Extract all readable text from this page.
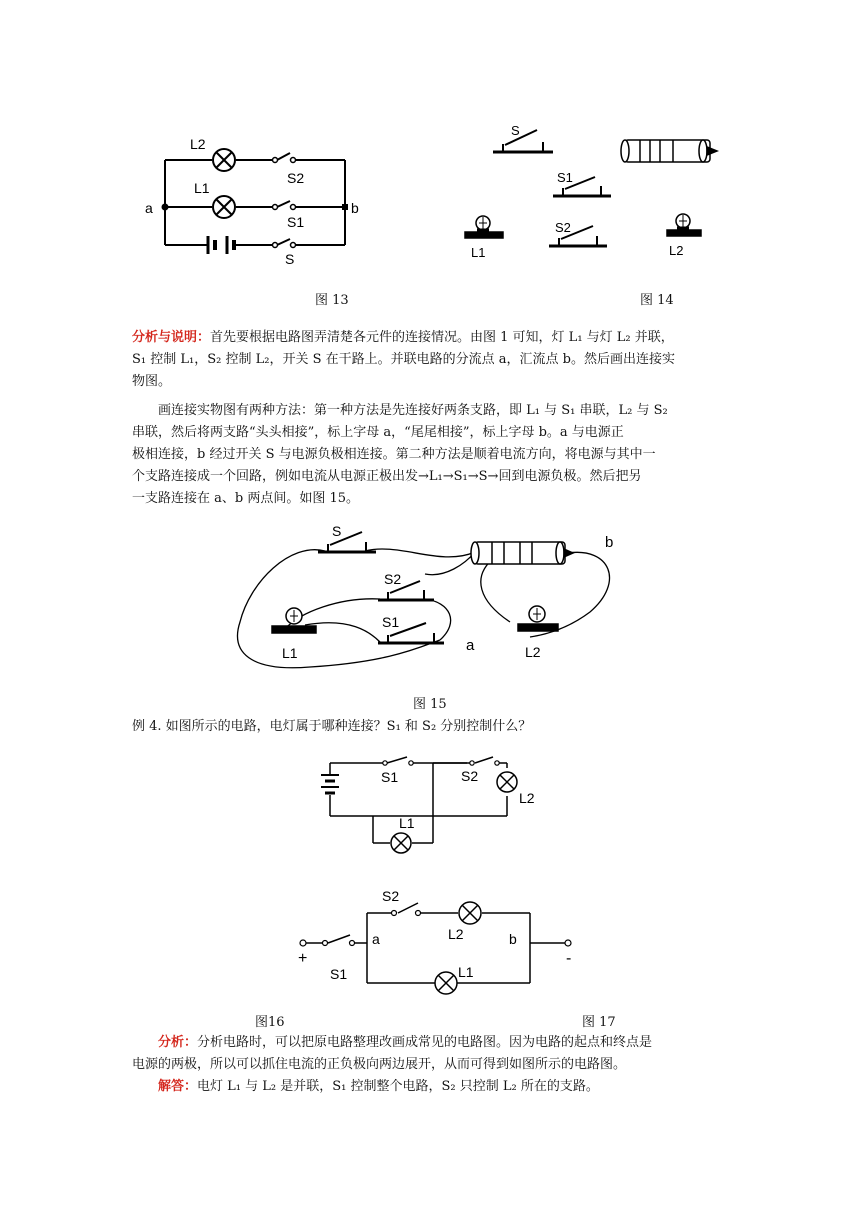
L2
L1
S2
S1
S
a	b
S
S1
S2
L1	L2
图 13	图 14

分析与说明：首先要根据电路图弄清楚各元件的连接情况。由图 1 可知，灯 L₁ 与灯 L₂ 并联，

S₁ 控制 L₁，S₂ 控制 L₂，开关 S 在干路上。并联电路的分流点 a，汇流点 b。然后画出连接实

物图。

画连接实物图有两种方法：第一种方法是先连接好两条支路，即 L₁ 与 S₁ 串联，L₂ 与 S₂

串联，然后将两支路“头头相接”，标上字母 a，“尾尾相接”，标上字母 b。a 与电源正

极相连接，b 经过开关 S 与电源负极相连接。第二种方法是顺着电流方向，将电源与其中一

个支路连接成一个回路，例如电流从电源正极出发→L₁→S₁→S→回到电源负极。然后把另

一支路连接在 a、b 两点间。如图 15。

S
b
S2
S1
a
L1	L2
图 15
例 4. 如图所示的电路，电灯属于哪种连接？S₁ 和 S₂ 分别控制什么？
S1	S2
L2
L1
S2
L2
a	b
+	-
S1	L1
图16	图 17

分析：分析电路时，可以把原电路整理改画成常见的电路图。因为电路的起点和终点是

电源的两极，所以可以抓住电流的正负极向两边展开，从而可得到如图所示的电路图。

解答：电灯 L₁ 与 L₂ 是并联，S₁ 控制整个电路，S₂ 只控制 L₂ 所在的支路。
